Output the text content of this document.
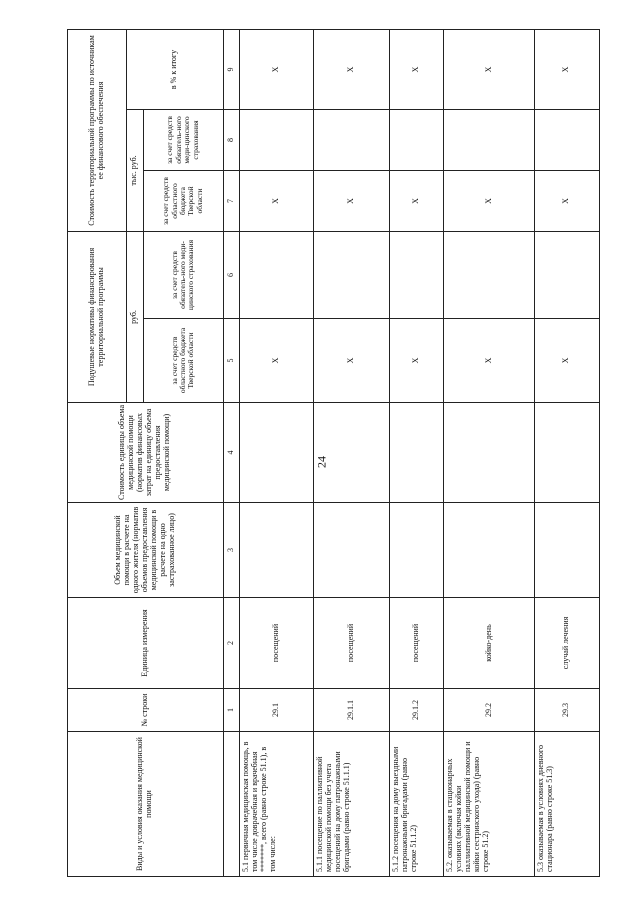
24
Виды и условия оказания медицинской помощи	№ строки	Единица измерения	Объем медицинской помощи в расчете на одного жителя (норматив объемов предоставления медицинской помощи в расчете на одно застрахованное лицо)	Стоимость единицы объема медицинской помощи (норматив финансовых затрат на единицу объема предоставления медицинской помощи)	Подушевые нормативы финансирования территориальной программы		Стоимость территориальной программы по источникам ее финансового обеспечения		
					руб.		тыс. руб.		в % к итогу
					за счет средств областного бюджета Тверской области	за счет средств обязатель-ного меди-цинского страхования	за счет средств областного бюджета Тверской области	за счет средств обязатель-ного меди-цинского страхования	
	1	2	3	4	5	6	7	8	9
5.1 первичная медицинская помощь, в том числе доврачебная и врачебная *******, всего (равно строке 51.1), в том числе:	29.1	посещений			Х		Х		Х
5.1.1 посещение по паллиативной медицинской помощи без учета посещений на дому патронажными бригадами (равно строке 51.1.1)	29.1.1	посещений			Х		Х		Х
5.1.2 посещения на дому выездными патронажными бригадами (равно строке 51.1.2)	29.1.2	посещений			Х		Х		Х
5.2. оказываемая в стационарных условиях (включая койки паллиативной медицинской помощи и койки сестринского ухода) (равно строке 51.2)	29.2	койко-день			Х		Х		Х
5.3 оказываемая в условиях дневного стационара (равно строке 51.3)	29.3	случай лечения			Х		Х		Х
